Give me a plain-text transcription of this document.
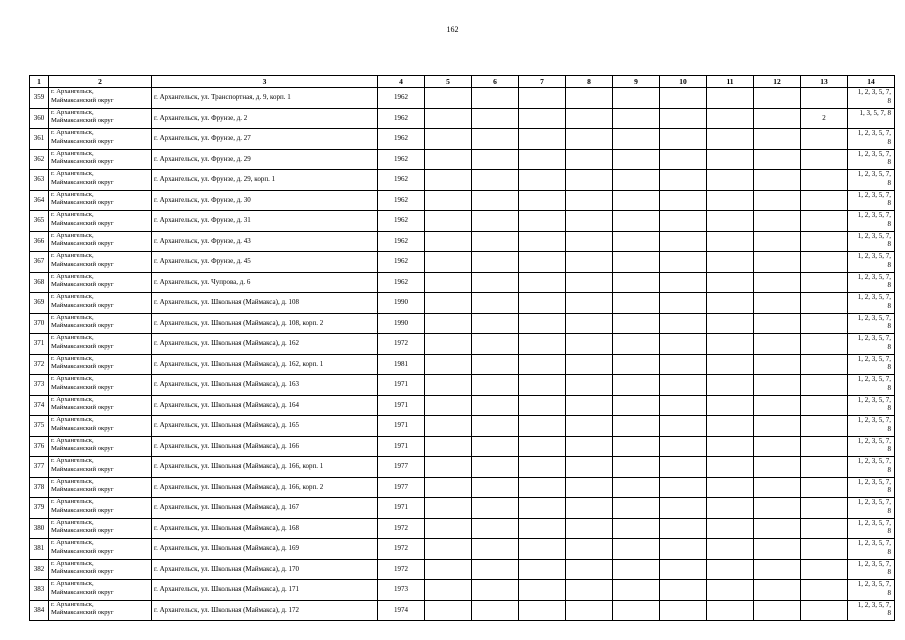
162
1	2	3	4	5	6	7	8	9	10	11	12	13	14
359	г. Архангельск,
Маймаксанский округ	г. Архангельск, ул. Транспортная, д. 9, корп. 1	1962										1, 2, 3, 5, 7,
8
360	г. Архангельск,
Маймаксанский округ	г. Архангельск, ул. Фрунзе, д. 2	1962									2	1, 3, 5, 7, 8
361	г. Архангельск,
Маймаксанский округ	г. Архангельск, ул. Фрунзе, д. 27	1962										1, 2, 3, 5, 7,
8
362	г. Архангельск,
Маймаксанский округ	г. Архангельск, ул. Фрунзе, д. 29	1962										1, 2, 3, 5, 7,
8
363	г. Архангельск,
Маймаксанский округ	г. Архангельск, ул. Фрунзе, д. 29, корп. 1	1962										1, 2, 3, 5, 7,
8
364	г. Архангельск,
Маймаксанский округ	г. Архангельск, ул. Фрунзе, д. 30	1962										1, 2, 3, 5, 7,
8
365	г. Архангельск,
Маймаксанский округ	г. Архангельск, ул. Фрунзе, д. 31	1962										1, 2, 3, 5, 7,
8
366	г. Архангельск,
Маймаксанский округ	г. Архангельск, ул. Фрунзе, д. 43	1962										1, 2, 3, 5, 7,
8
367	г. Архангельск,
Маймаксанский округ	г. Архангельск, ул. Фрунзе, д. 45	1962										1, 2, 3, 5, 7,
8
368	г. Архангельск,
Маймаксанский округ	г. Архангельск, ул. Чупрова, д. 6	1962										1, 2, 3, 5, 7,
8
369	г. Архангельск,
Маймаксанский округ	г. Архангельск, ул. Школьная (Маймакса), д. 108	1990										1, 2, 3, 5, 7,
8
370	г. Архангельск,
Маймаксанский округ	г. Архангельск, ул. Школьная (Маймакса), д. 108, корп. 2	1990										1, 2, 3, 5, 7,
8
371	г. Архангельск,
Маймаксанский округ	г. Архангельск, ул. Школьная (Маймакса), д. 162	1972										1, 2, 3, 5, 7,
8
372	г. Архангельск,
Маймаксанский округ	г. Архангельск, ул. Школьная (Маймакса), д. 162, корп. 1	1981										1, 2, 3, 5, 7,
8
373	г. Архангельск,
Маймаксанский округ	г. Архангельск, ул. Школьная (Маймакса), д. 163	1971										1, 2, 3, 5, 7,
8
374	г. Архангельск,
Маймаксанский округ	г. Архангельск, ул. Школьная (Маймакса), д. 164	1971										1, 2, 3, 5, 7,
8
375	г. Архангельск,
Маймаксанский округ	г. Архангельск, ул. Школьная (Маймакса), д. 165	1971										1, 2, 3, 5, 7,
8
376	г. Архангельск,
Маймаксанский округ	г. Архангельск, ул. Школьная (Маймакса), д. 166	1971										1, 2, 3, 5, 7,
8
377	г. Архангельск,
Маймаксанский округ	г. Архангельск, ул. Школьная (Маймакса), д. 166, корп. 1	1977										1, 2, 3, 5, 7,
8
378	г. Архангельск,
Маймаксанский округ	г. Архангельск, ул. Школьная (Маймакса), д. 166, корп. 2	1977										1, 2, 3, 5, 7,
8
379	г. Архангельск,
Маймаксанский округ	г. Архангельск, ул. Школьная (Маймакса), д. 167	1971										1, 2, 3, 5, 7,
8
380	г. Архангельск,
Маймаксанский округ	г. Архангельск, ул. Школьная (Маймакса), д. 168	1972										1, 2, 3, 5, 7,
8
381	г. Архангельск,
Маймаксанский округ	г. Архангельск, ул. Школьная (Маймакса), д. 169	1972										1, 2, 3, 5, 7,
8
382	г. Архангельск,
Маймаксанский округ	г. Архангельск, ул. Школьная (Маймакса), д. 170	1972										1, 2, 3, 5, 7,
8
383	г. Архангельск,
Маймаксанский округ	г. Архангельск, ул. Школьная (Маймакса), д. 171	1973										1, 2, 3, 5, 7,
8
384	г. Архангельск,
Маймаксанский округ	г. Архангельск, ул. Школьная (Маймакса), д. 172	1974										1, 2, 3, 5, 7,
8
